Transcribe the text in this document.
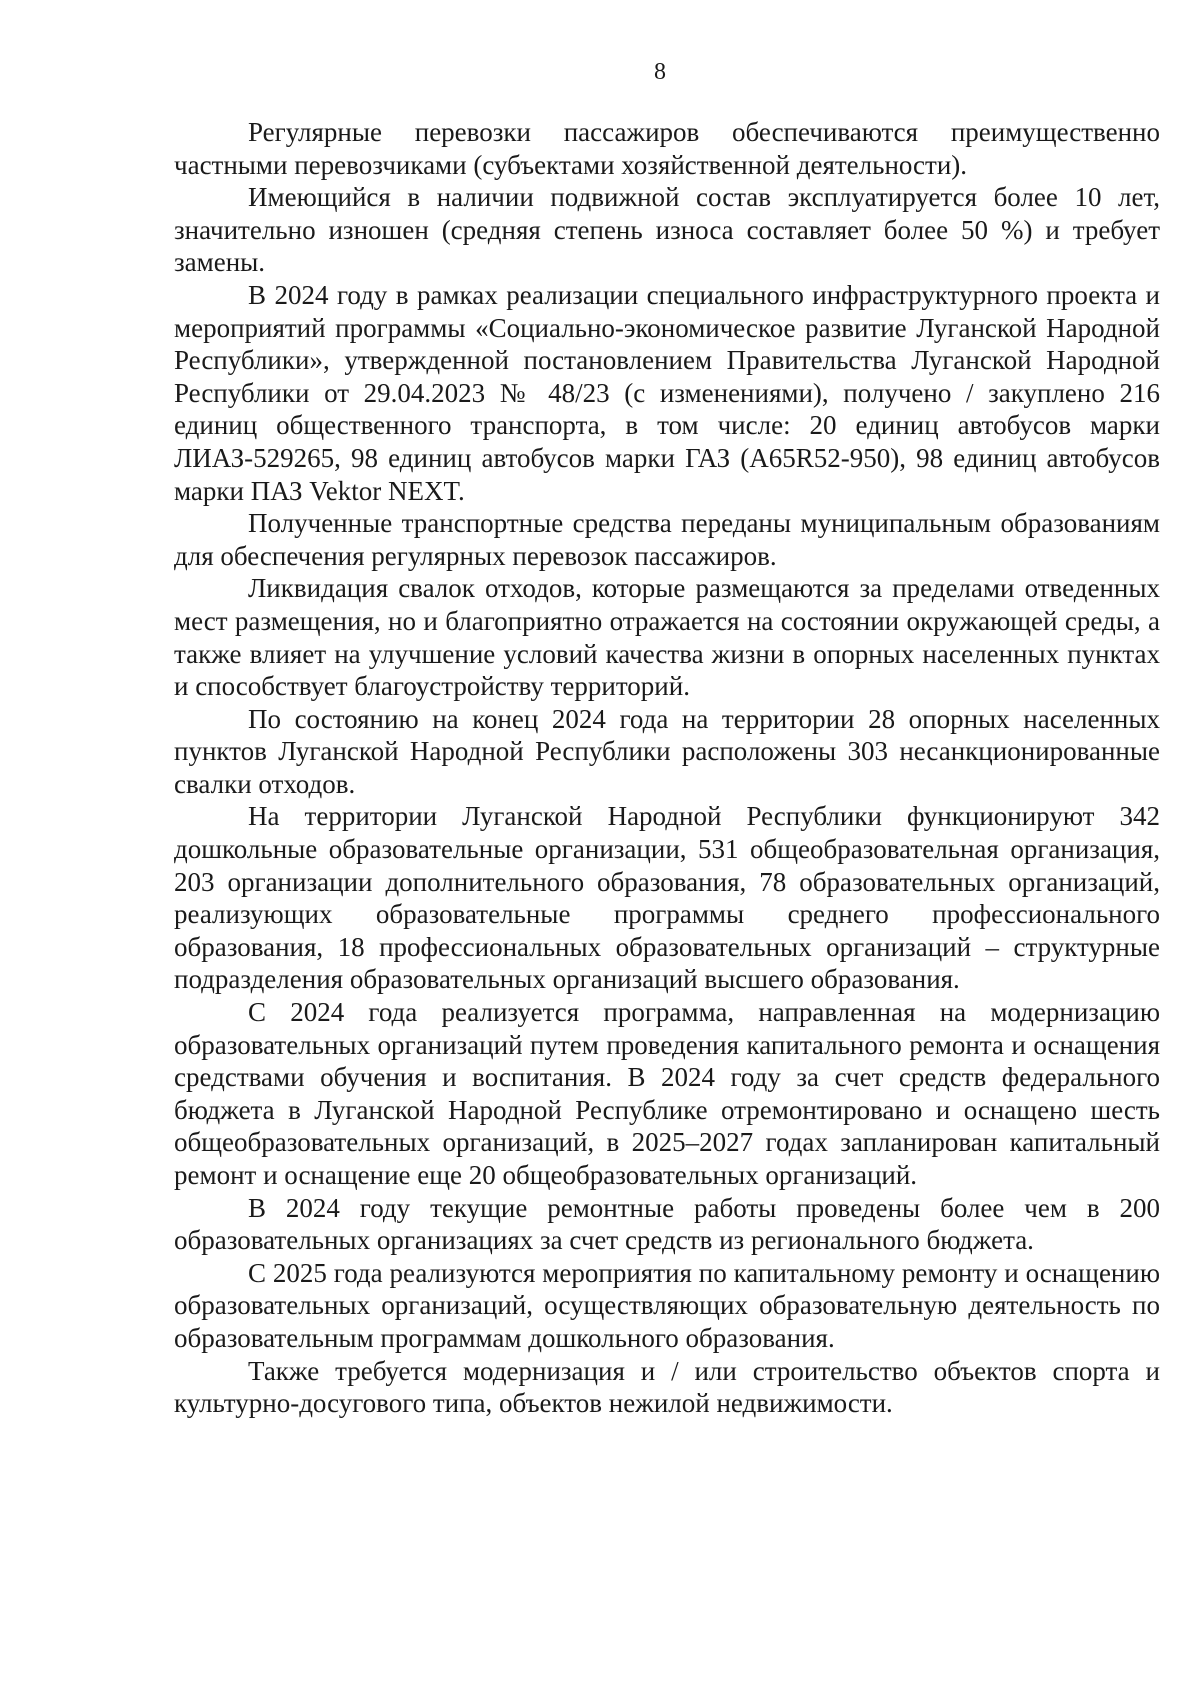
8

Регулярные перевозки пассажиров обеспечиваются преимущественно частными перевозчиками (субъектами хозяйственной деятельности).

Имеющийся в наличии подвижной состав эксплуатируется более 10 лет, значительно изношен (средняя степень износа составляет более 50 %) и требует замены.

В 2024 году в рамках реализации специального инфраструктурного проекта и мероприятий программы «Социально-экономическое развитие Луганской Народной Республики», утвержденной постановлением Правительства Луганской Народной Республики от 29.04.2023 № 48/23 (с изменениями), получено / закуплено 216 единиц общественного транспорта, в том числе: 20 единиц автобусов марки ЛИАЗ-529265, 98 единиц автобусов марки ГАЗ (A65R52-950), 98 единиц автобусов марки ПАЗ Vektor NEXT.

Полученные транспортные средства переданы муниципальным образованиям для обеспечения регулярных перевозок пассажиров.

Ликвидация свалок отходов, которые размещаются за пределами отведенных мест размещения, но и благоприятно отражается на состоянии окружающей среды, а также влияет на улучшение условий качества жизни в опорных населенных пунктах и способствует благоустройству территорий.

По состоянию на конец 2024 года на территории 28 опорных населенных пунктов Луганской Народной Республики расположены 303 несанкционированные свалки отходов.

На территории Луганской Народной Республики функционируют 342 дошкольные образовательные организации, 531 общеобразовательная организация, 203 организации дополнительного образования, 78 образовательных организаций, реализующих образовательные программы среднего профессионального образования, 18 профессиональных образовательных организаций – структурные подразделения образовательных организаций высшего образования.

С 2024 года реализуется программа, направленная на модернизацию образовательных организаций путем проведения капитального ремонта и оснащения средствами обучения и воспитания. В 2024 году за счет средств федерального бюджета в Луганской Народной Республике отремонтировано и оснащено шесть общеобразовательных организаций, в 2025–2027 годах запланирован капитальный ремонт и оснащение еще 20 общеобразовательных организаций.

В 2024 году текущие ремонтные работы проведены более чем в 200 образовательных организациях за счет средств из регионального бюджета.

С 2025 года реализуются мероприятия по капитальному ремонту и оснащению образовательных организаций, осуществляющих образовательную деятельность по образовательным программам дошкольного образования.

Также требуется модернизация и / или строительство объектов спорта и культурно-досугового типа, объектов нежилой недвижимости.
